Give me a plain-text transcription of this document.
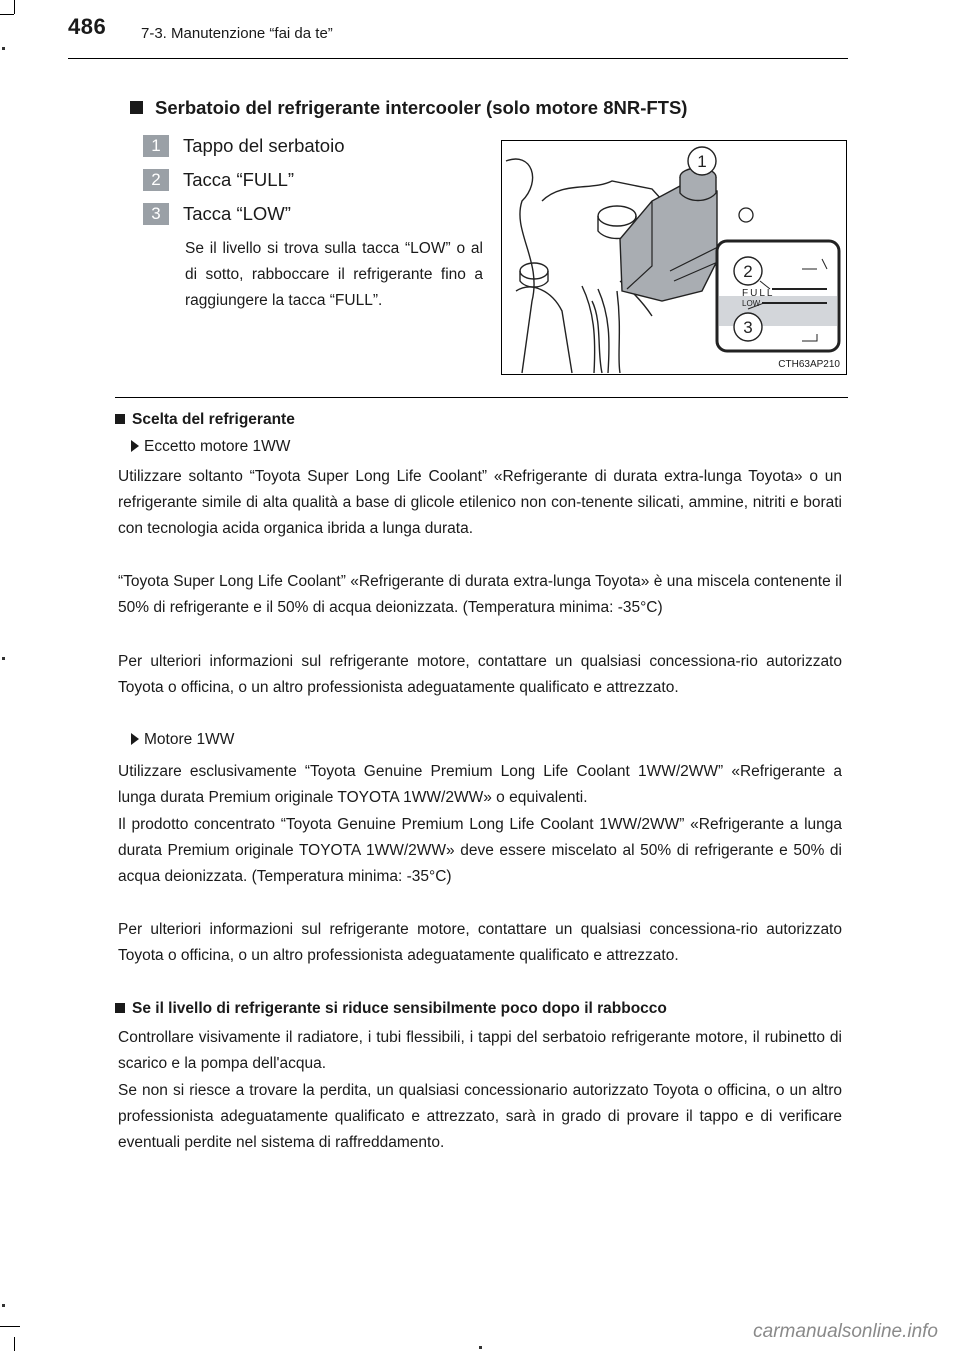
486 7-3. Manutenzione “fai da te”
Serbatoio del refrigerante intercooler (solo motore 8NR-FTS)
1	Tappo del serbatoio
2	Tacca “FULL”
3	Tacca “LOW”
Se il livello si trova sulla tacca “LOW” o al di sotto, rabboccare il refrigerante fino a raggiungere la tacca “FULL”.	FULL
LOW
1
2
3
CTH63AP210
Scelta del refrigerante
Eccetto motore 1WW
Utilizzare soltanto “Toyota Super Long Life Coolant” «Refrigerante di durata extra-lunga Toyota» o un refrigerante simile di alta qualità a base di glicole etilenico non con-tenente silicati, ammine, nitriti e borati con tecnologia acida organica ibrida a lunga durata.
“Toyota Super Long Life Coolant” «Refrigerante di durata extra-lunga Toyota» è una miscela contenente il 50% di refrigerante e il 50% di acqua deionizzata. (Temperatura minima: -35°C)
Per ulteriori informazioni sul refrigerante motore, contattare un qualsiasi concessiona-rio autorizzato Toyota o officina, o un altro professionista adeguatamente qualificato e attrezzato.
Motore 1WW
Utilizzare esclusivamente “Toyota Genuine Premium Long Life Coolant 1WW/2WW” «Refrigerante a lunga durata Premium originale TOYOTA 1WW/2WW» o equivalenti.
Il prodotto concentrato “Toyota Genuine Premium Long Life Coolant 1WW/2WW” «Refrigerante a lunga durata Premium originale TOYOTA 1WW/2WW» deve essere miscelato al 50% di refrigerante e 50% di acqua deionizzata. (Temperatura minima: -35°C)
Per ulteriori informazioni sul refrigerante motore, contattare un qualsiasi concessiona-rio autorizzato Toyota o officina, o un altro professionista adeguatamente qualificato e attrezzato.
Se il livello di refrigerante si riduce sensibilmente poco dopo il rabbocco
Controllare visivamente il radiatore, i tubi flessibili, i tappi del serbatoio refrigerante motore, il rubinetto di scarico e la pompa dell'acqua.
Se non si riesce a trovare la perdita, un qualsiasi concessionario autorizzato Toyota o officina, o un altro professionista adeguatamente qualificato e attrezzato, sarà in grado di provare il tappo e di verificare eventuali perdite nel sistema di raffreddamento.
carmanualsonline.info
